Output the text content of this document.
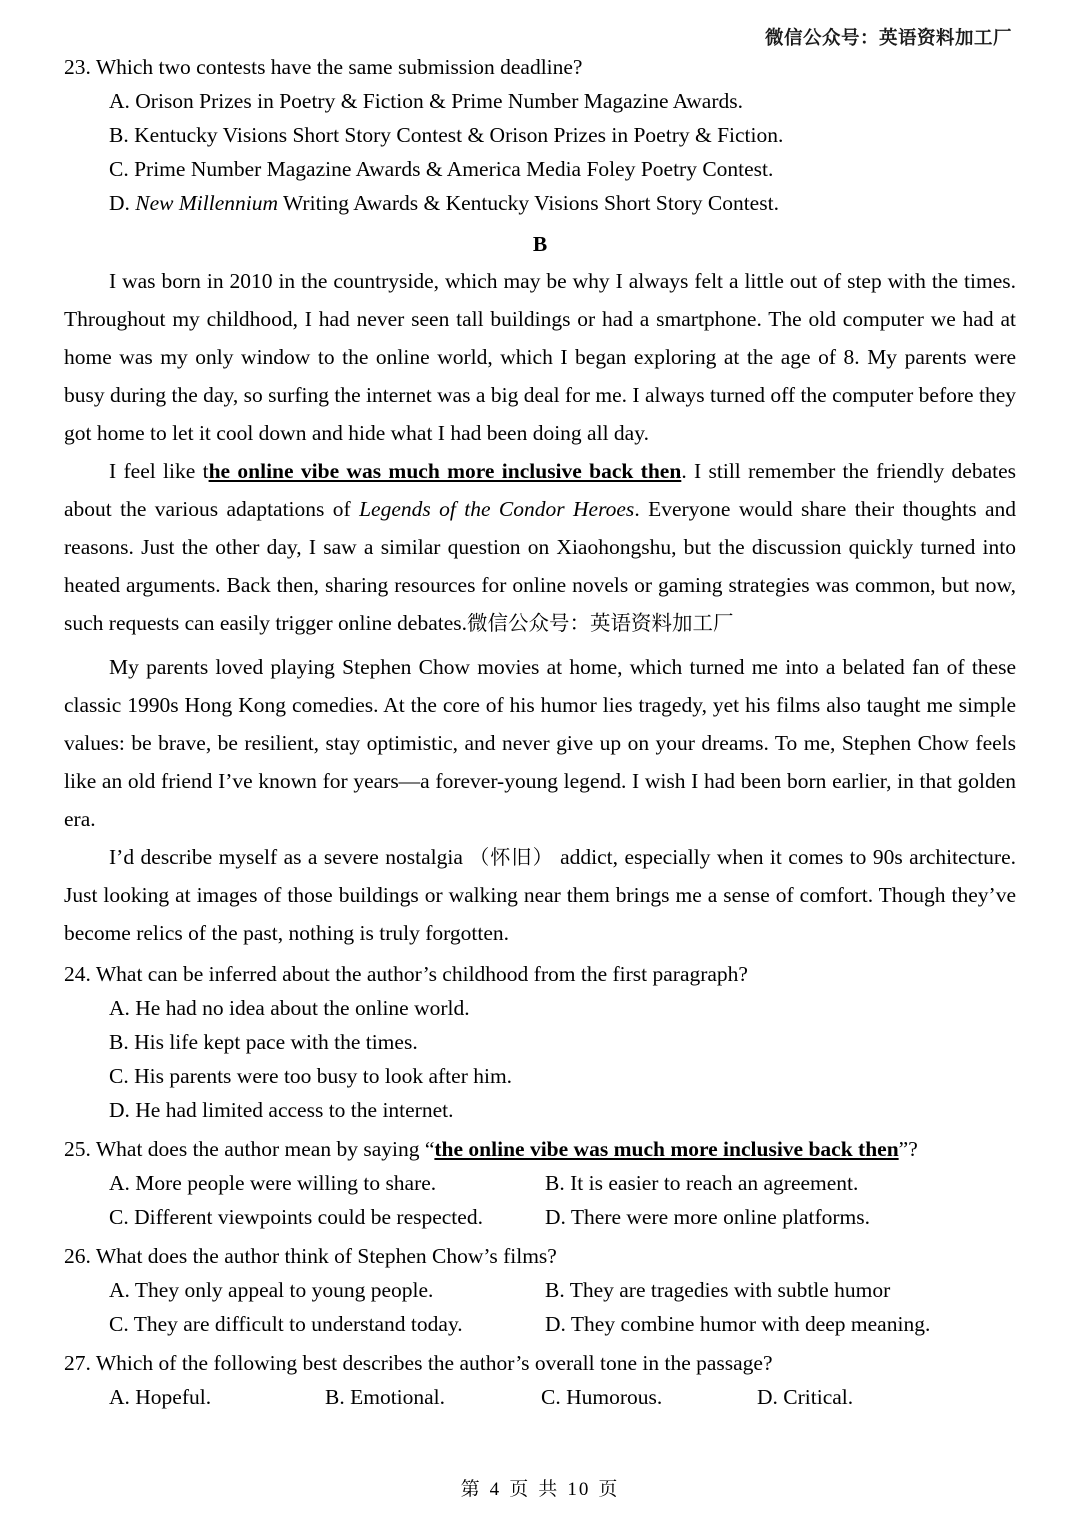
微信公众号：英语资料加工厂
23. Which two contests have the same submission deadline?
A. Orison Prizes in Poetry & Fiction & Prime Number Magazine Awards.
B. Kentucky Visions Short Story Contest & Orison Prizes in Poetry & Fiction.
C. Prime Number Magazine Awards & America Media Foley Poetry Contest.
D. New Millennium Writing Awards & Kentucky Visions Short Story Contest.
B

I was born in 2010 in the countryside, which may be why I always felt a little out of step with the times. Throughout my childhood, I had never seen tall buildings or had a smartphone. The old computer we had at home was my only window to the online world, which I began exploring at the age of 8. My parents were busy during the day, so surfing the internet was a big deal for me. I always turned off the computer before they got home to let it cool down and hide what I had been doing all day.

I feel like the online vibe was much more inclusive back then. I still remember the friendly debates about the various adaptations of Legends of the Condor Heroes. Everyone would share their thoughts and reasons. Just the other day, I saw a similar question on Xiaohongshu, but the discussion quickly turned into heated arguments. Back then, sharing resources for online novels or gaming strategies was common, but now, such requests can easily trigger online debates.微信公众号：英语资料加工厂

My parents loved playing Stephen Chow movies at home, which turned me into a belated fan of these classic 1990s Hong Kong comedies. At the core of his humor lies tragedy, yet his films also taught me simple values: be brave, be resilient, stay optimistic, and never give up on your dreams. To me, Stephen Chow feels like an old friend I’ve known for years—a forever-young legend. I wish I had been born earlier, in that golden era.

I’d describe myself as a severe nostalgia （怀旧） addict, especially when it comes to 90s architecture. Just looking at images of those buildings or walking near them brings me a sense of comfort. Though they’ve become relics of the past, nothing is truly forgotten.

24. What can be inferred about the author’s childhood from the first paragraph?
A. He had no idea about the online world.
B. His life kept pace with the times.
C. His parents were too busy to look after him.
D. He had limited access to the internet.
25. What does the author mean by saying “the online vibe was much more inclusive back then”?
A. More people were willing to share.	B. It is easier to reach an agreement.
C. Different viewpoints could be respected.	D. There were more online platforms.
26. What does the author think of Stephen Chow’s films?
A. They only appeal to young people.	B. They are tragedies with subtle humor
C. They are difficult to understand today.	D. They combine humor with deep meaning.
27. Which of the following best describes the author’s overall tone in the passage?
A. Hopeful.	B. Emotional.	C. Humorous.	D. Critical.
第 4 页 共 10 页
